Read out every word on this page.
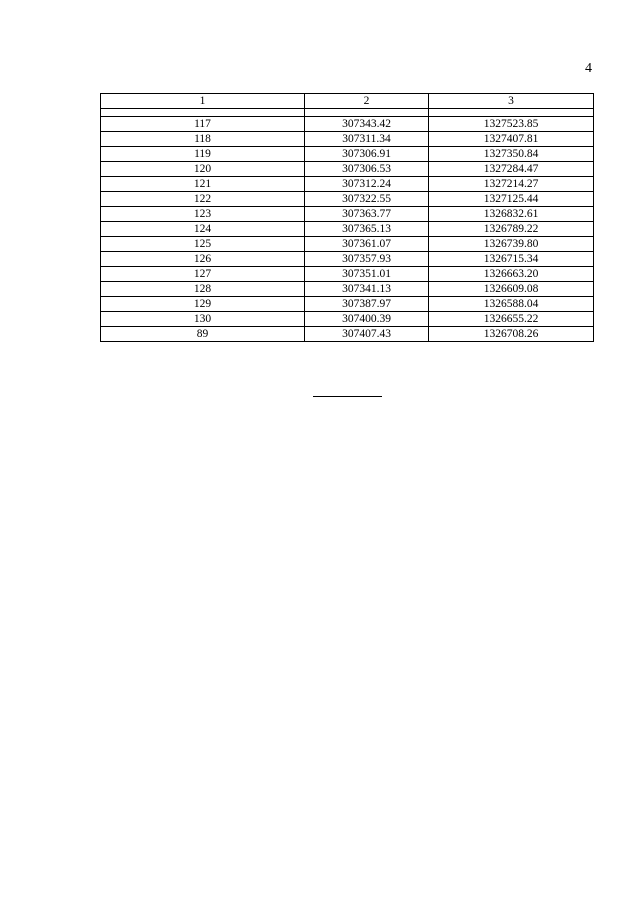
4
1	2	3

117	307343.42	1327523.85
118	307311.34	1327407.81
119	307306.91	1327350.84
120	307306.53	1327284.47
121	307312.24	1327214.27
122	307322.55	1327125.44
123	307363.77	1326832.61
124	307365.13	1326789.22
125	307361.07	1326739.80
126	307357.93	1326715.34
127	307351.01	1326663.20
128	307341.13	1326609.08
129	307387.97	1326588.04
130	307400.39	1326655.22
89	307407.43	1326708.26
